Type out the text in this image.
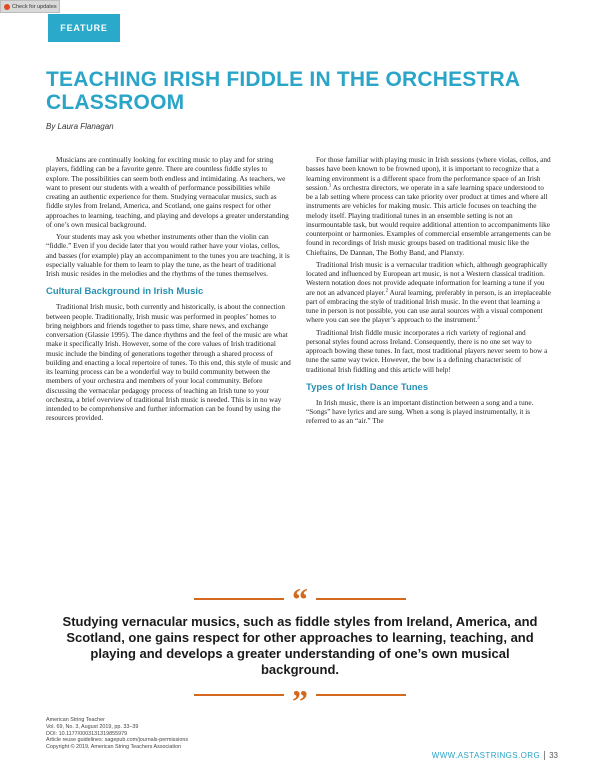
Check for updates
FEATURE
TEACHING IRISH FIDDLE IN THE ORCHESTRA CLASSROOM
By Laura Flanagan

Musicians are continually looking for exciting music to play and for string players, fiddling can be a favorite genre. There are countless fiddle styles to explore. The possibilities can seem both endless and intimidating. As teachers, we want to present our students with a wealth of performance possibilities while creating an authentic experience for them. Studying vernacular musics, such as fiddle styles from Ireland, America, and Scotland, one gains respect for other approaches to learning, teaching, and playing and develops a greater understanding of one’s own musical background.

Your students may ask you whether instruments other than the violin can “fiddle.” Even if you decide later that you would rather have your violas, cellos, and basses (for example) play an accompaniment to the tunes you are teaching, it is especially valuable for them to learn to play the tune, as the heart of traditional Irish music resides in the melodies and the rhythms of the tunes themselves.

Cultural Background in Irish Music

Traditional Irish music, both currently and historically, is about the connection between people. Traditionally, Irish music was performed in peoples’ homes to bring neighbors and friends together to pass time, share news, and exchange conversation (Glassie 1995). The dance rhythms and the feel of the music are what make it specifically Irish. However, some of the core values of Irish traditional music include the binding of generations together through a shared process of building and enacting a local repertoire of tunes. To this end, this style of music and its learning process can be a wonderful way to build community between the members of your orchestra and members of your local community. Before discussing the vernacular pedagogy process of teaching an Irish tune to your orchestra, a brief overview of traditional Irish music is needed. This is in no way intended to be comprehensive and further information can be found by using the resources provided.

For those familiar with playing music in Irish sessions (where violas, cellos, and basses have been known to be frowned upon), it is important to recognize that a learning environment is a different space from the performance space of an Irish session.$^1$ As orchestra directors, we operate in a safe learning space understood to be a lab setting where process can take priority over product at times and where all instruments are vehicles for making music. This article focuses on teaching the melody itself. Playing traditional tunes in an ensemble setting is not an insurmountable task, but would require additional attention to accompaniments like counterpoint or harmonies. Examples of commercial ensemble arrangements can be found in recordings of Irish music groups based on traditional music like the Chieftains, De Dannan, The Bothy Band, and Planxty.

Traditional Irish music is a vernacular tradition which, although geographically located and influenced by European art music, is not a Western classical tradition. Western notation does not provide adequate information for learning a tune if you are not an advanced player.$^2$ Aural learning, preferably in person, is an irreplaceable part of embracing the style of traditional Irish music. In the event that learning a tune in person is not possible, you can use aural sources with a visual component where you can see the player’s approach to the instrument.$^3$

Traditional Irish fiddle music incorporates a rich variety of regional and personal styles found across Ireland. Consequently, there is no one set way to approach bowing these tunes. In fact, most traditional players never seem to bow a tune the same way twice. However, the bow is a defining characteristic of traditional Irish fiddling and this article will help!

Types of Irish Dance Tunes

In Irish music, there is an important distinction between a song and a tune. “Songs” have lyrics and are sung. When a song is played instrumentally, it is referred to as an “air.” The

“
Studying vernacular musics, such as fiddle styles from Ireland, America, and Scotland, one gains respect for other approaches to learning, teaching, and playing and develops a greater understanding of one’s own musical background.
”
American String Teacher
Vol. 69, No. 3, August 2019, pp. 33–39
DOI: 10.1177/0003131319855979
Article reuse guidelines: sagepub.com/journals-permissions
Copyright © 2019, American String Teachers Association
WWW.ASTASTRINGS.ORG 33
